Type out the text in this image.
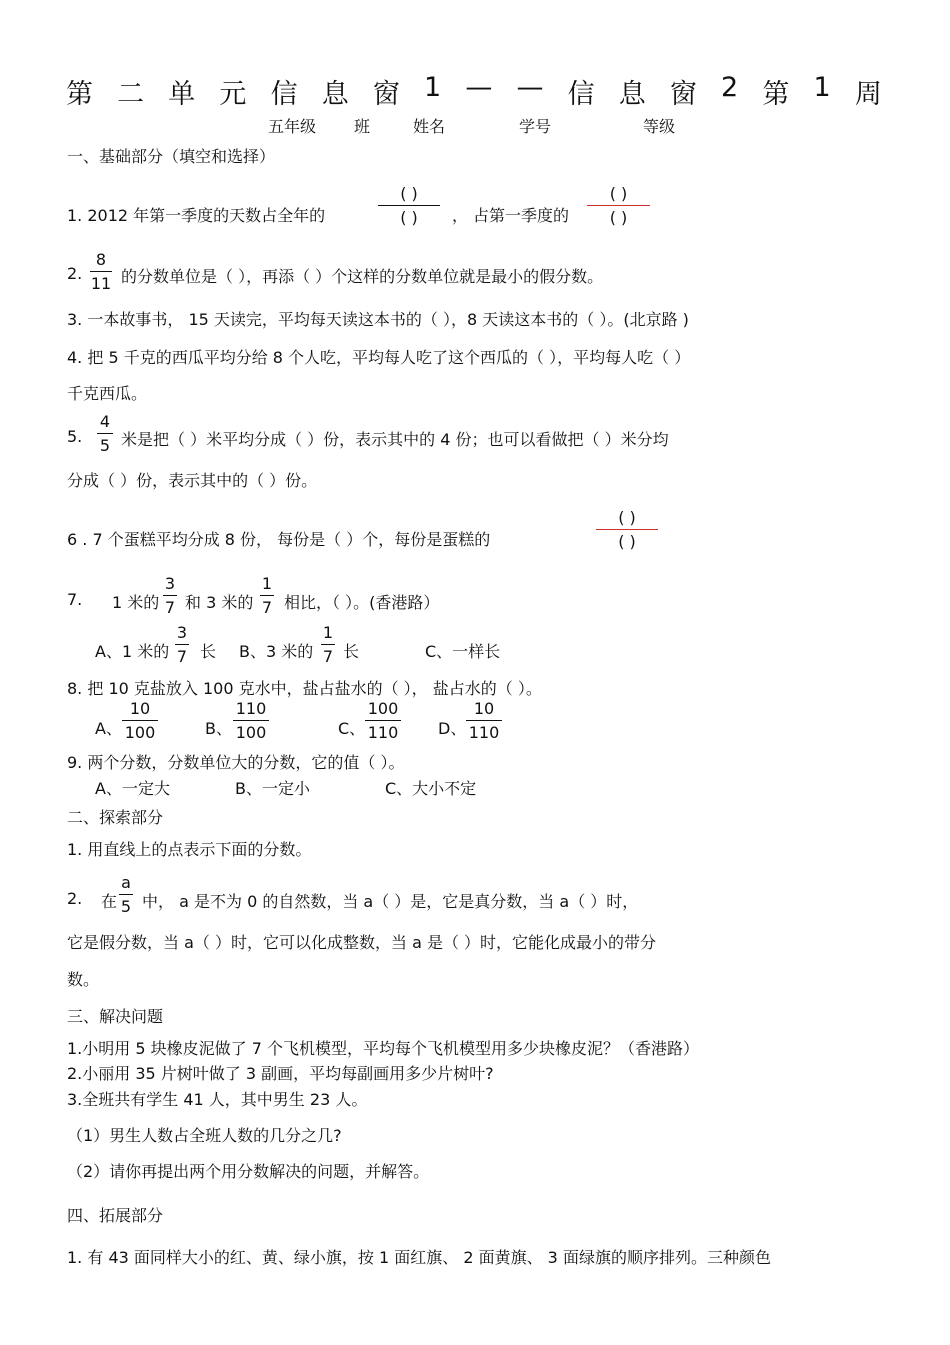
第 二 单 元 信 息 窗 1 — — 信 息 窗 2 第 1 周
五年级 班	姓名	学号	等级
一、基础部分（填空和选择）
1. 2012 年第一季度的天数占全年的
( )
( )	， 占第一季度的
( )
( )
2.
8
11 的分数单位是（ ），再添（ ）个这样的分数单位就是最小的假分数。
3. 一本故事书， 15 天读完，平均每天读这本书的（ ），8 天读这本书的（ ）。(北京路 )
4. 把 5 千克的西瓜平均分给 8 个人吃，平均每人吃了这个西瓜的（ ），平均每人吃（ ）
千克西瓜。
5.
4
5 米是把（ ）米平均分成（ ）份，表示其中的 4 份；也可以看做把（ ）米分均
分成（ ）份，表示其中的（ ）份。
6 . 7 个蛋糕平均分成 8 份， 每份是（ ）个，每份是蛋糕的
( )
( )
7. 1 米的
3
7 和 3 米的
1
7 相比，（ ）。(香港路）
A、1 米的
3
7 长 B、3 米的
1
7 长	C、一样长
8. 把 10 克盐放入 100 克水中，盐占盐水的（ ）， 盐占水的（ ）。
A、
10
100	B、
110
100	C、
100
110 D、
10
110
9. 两个分数，分数单位大的分数，它的值（ ）。
A、一定大	B、一定小	C、大小不定
二、探索部分
1. 用直线上的点表示下面的分数。
2. 在
a
5 中， a 是不为 0 的自然数，当 a（ ）是，它是真分数，当 a（ ）时，
它是假分数，当 a（ ）时，它可以化成整数，当 a 是（ ）时，它能化成最小的带分
数。
三、解决问题
1.小明用 5 块橡皮泥做了 7 个飞机模型，平均每个飞机模型用多少块橡皮泥？（香港路）
2.小丽用 35 片树叶做了 3 副画，平均每副画用多少片树叶?
3.全班共有学生 41 人，其中男生 23 人。
（1）男生人数占全班人数的几分之几?
（2）请你再提出两个用分数解决的问题，并解答。
四、拓展部分
1. 有 43 面同样大小的红、黄、绿小旗，按 1 面红旗、 2 面黄旗、 3 面绿旗的顺序排列。三种颜色
